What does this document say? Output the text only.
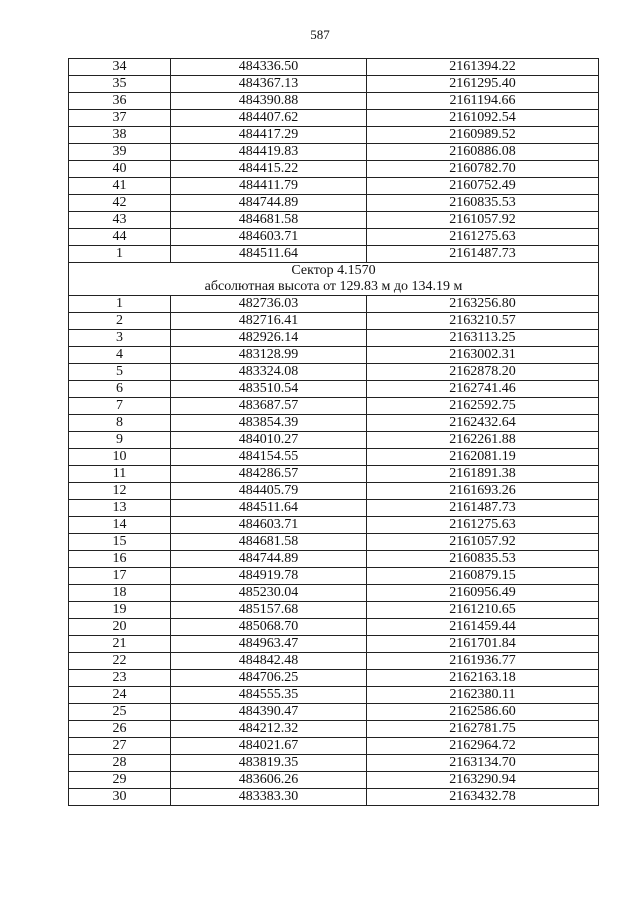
587
34	484336.50	2161394.22
35	484367.13	2161295.40
36	484390.88	2161194.66
37	484407.62	2161092.54
38	484417.29	2160989.52
39	484419.83	2160886.08
40	484415.22	2160782.70
41	484411.79	2160752.49
42	484744.89	2160835.53
43	484681.58	2161057.92
44	484603.71	2161275.63
1	484511.64	2161487.73

Сектор 4.1570
абсолютная высота от 129.83 м до 134.19 м		

1	482736.03	2163256.80
2	482716.41	2163210.57
3	482926.14	2163113.25
4	483128.99	2163002.31
5	483324.08	2162878.20
6	483510.54	2162741.46
7	483687.57	2162592.75
8	483854.39	2162432.64
9	484010.27	2162261.88
10	484154.55	2162081.19
11	484286.57	2161891.38
12	484405.79	2161693.26
13	484511.64	2161487.73
14	484603.71	2161275.63
15	484681.58	2161057.92
16	484744.89	2160835.53
17	484919.78	2160879.15
18	485230.04	2160956.49
19	485157.68	2161210.65
20	485068.70	2161459.44
21	484963.47	2161701.84
22	484842.48	2161936.77
23	484706.25	2162163.18
24	484555.35	2162380.11
25	484390.47	2162586.60
26	484212.32	2162781.75
27	484021.67	2162964.72
28	483819.35	2163134.70
29	483606.26	2163290.94
30	483383.30	2163432.78
